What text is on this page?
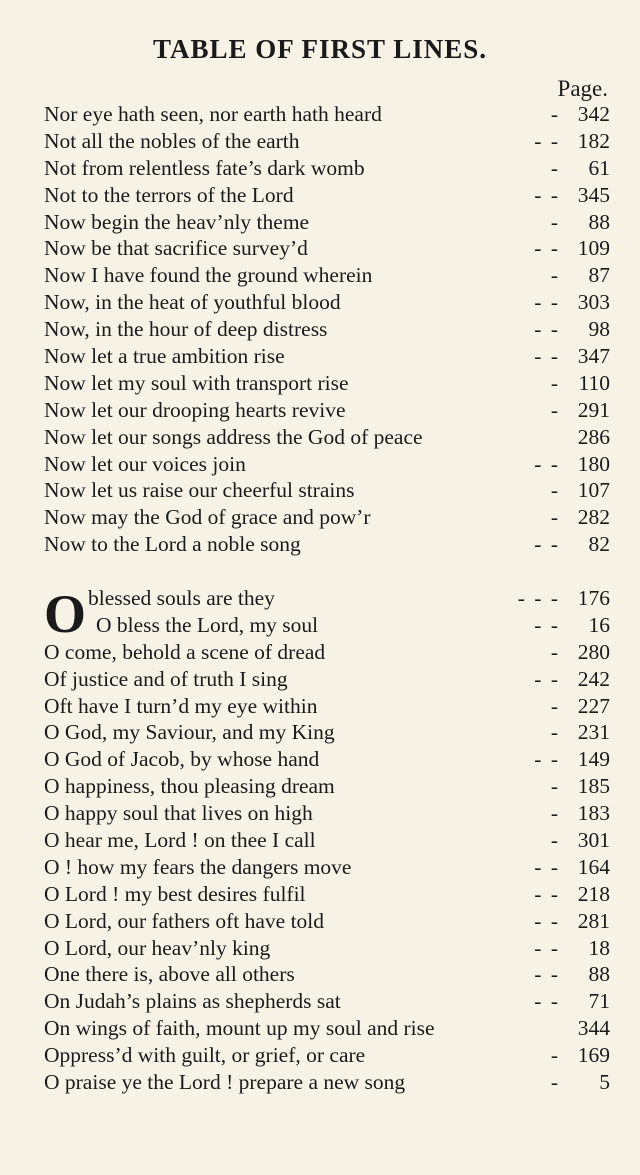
TABLE OF FIRST LINES.
Page.
Nor eye hath seen, nor earth hath heard	- 342
Not all the nobles of the earth	- - 182
Not from relentless fate’s dark womb	-	61
Not to the terrors of the Lord	- - 345
Now begin the heav’nly theme	-	88
Now be that sacrifice survey’d	- - 109
Now I have found the ground wherein	-	87
Now, in the heat of youthful blood	- - 303
Now, in the hour of deep distress	- -	98
Now let a true ambition rise	- - 347
Now let my soul with transport rise	- 110
Now let our drooping hearts revive	- 291
Now let our songs address the God of peace	286
Now let our voices join	- - 180
Now let us raise our cheerful strains	- 107
Now may the God of grace and pow’r	- 282
Now to the Lord a noble song	- -	82
O blessed souls are they	- - - 176
O bless the Lord, my soul	- -	16
O come, behold a scene of dread	- 280
Of justice and of truth I sing	- - 242
Oft have I turn’d my eye within	- 227
O God, my Saviour, and my King	- 231
O God of Jacob, by whose hand	- - 149
O happiness, thou pleasing dream	- 185
O happy soul that lives on high	- 183
O hear me, Lord ! on thee I call	- 301
O ! how my fears the dangers move	- - 164
O Lord ! my best desires fulfil	- - 218
O Lord, our fathers oft have told	- - 281
O Lord, our heav’nly king	- -	18
One there is, above all others	- -	88
On Judah’s plains as shepherds sat	- -	71
On wings of faith, mount up my soul and rise	344
Oppress’d with guilt, or grief, or care	- 169
O praise ye the Lord ! prepare a new song	-	5
